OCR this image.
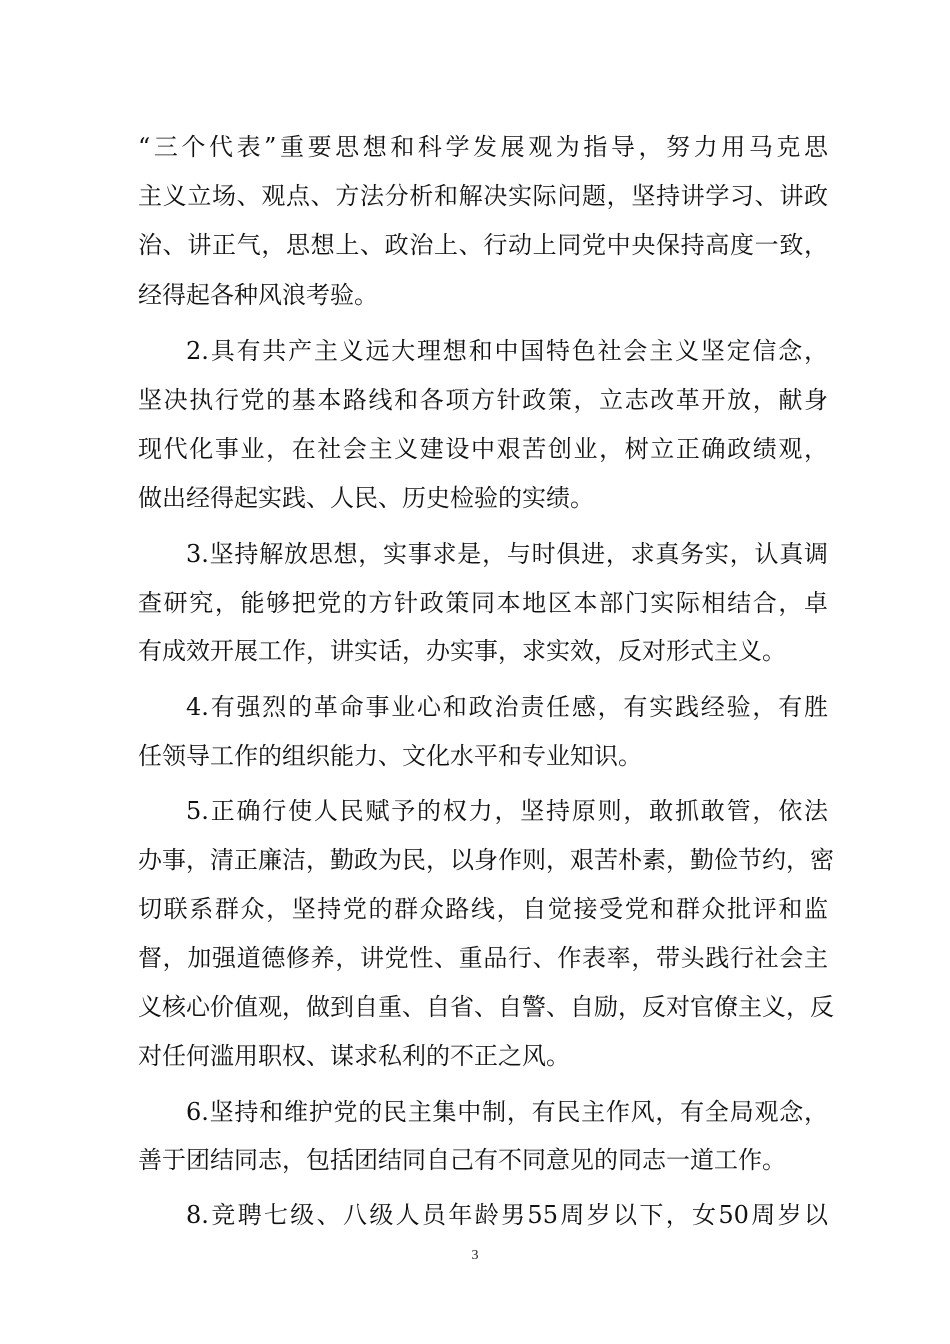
“三个代表”重要思想和科学发展观为指导，努力用马克思
主义立场、观点、方法分析和解决实际问题，坚持讲学习、讲政
治、讲正气，思想上、政治上、行动上同党中央保持高度一致，
经得起各种风浪考验。
2.具有共产主义远大理想和中国特色社会主义坚定信念，
坚决执行党的基本路线和各项方针政策，立志改革开放，献身
现代化事业，在社会主义建设中艰苦创业，树立正确政绩观，
做出经得起实践、人民、历史检验的实绩。
3.坚持解放思想，实事求是，与时俱进，求真务实，认真调
查研究，能够把党的方针政策同本地区本部门实际相结合，卓
有成效开展工作，讲实话，办实事，求实效，反对形式主义。
4.有强烈的革命事业心和政治责任感，有实践经验，有胜
任领导工作的组织能力、文化水平和专业知识。
5.正确行使人民赋予的权力，坚持原则，敢抓敢管，依法
办事，清正廉洁，勤政为民，以身作则，艰苦朴素，勤俭节约，密
切联系群众，坚持党的群众路线，自觉接受党和群众批评和监
督，加强道德修养，讲党性、重品行、作表率，带头践行社会主
义核心价值观，做到自重、自省、自警、自励，反对官僚主义，反
对任何滥用职权、谋求私利的不正之风。
6.坚持和维护党的民主集中制，有民主作风，有全局观念，
善于团结同志，包括团结同自己有不同意见的同志一道工作。
8.竞聘七级、八级人员年龄男55周岁以下，女50周岁以
3
